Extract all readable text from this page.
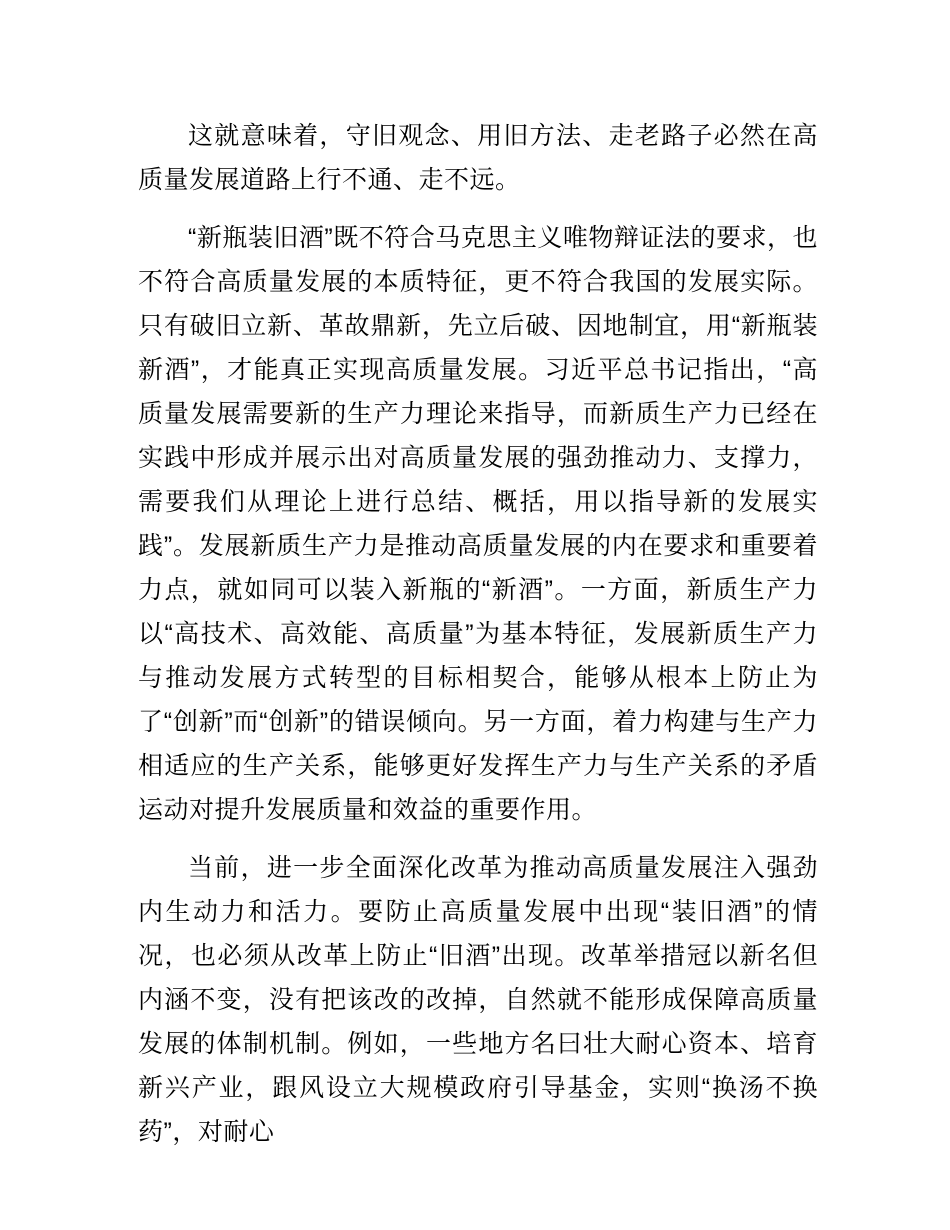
这就意味着，守旧观念、用旧方法、走老路子必然在高质量发展道路上行不通、走不远。

“新瓶装旧酒”既不符合马克思主义唯物辩证法的要求，也不符合高质量发展的本质特征，更不符合我国的发展实际。只有破旧立新、革故鼎新，先立后破、因地制宜，用“新瓶装新酒”，才能真正实现高质量发展。习近平总书记指出，“高质量发展需要新的生产力理论来指导，而新质生产力已经在实践中形成并展示出对高质量发展的强劲推动力、支撑力，需要我们从理论上进行总结、概括，用以指导新的发展实践”。发展新质生产力是推动高质量发展的内在要求和重要着力点，就如同可以装入新瓶的“新酒”。一方面，新质生产力以“高技术、高效能、高质量”为基本特征，发展新质生产力与推动发展方式转型的目标相契合，能够从根本上防止为了“创新”而“创新”的错误倾向。另一方面，着力构建与生产力相适应的生产关系，能够更好发挥生产力与生产关系的矛盾运动对提升发展质量和效益的重要作用。

当前，进一步全面深化改革为推动高质量发展注入强劲内生动力和活力。要防止高质量发展中出现“装旧酒”的情况，也必须从改革上防止“旧酒”出现。改革举措冠以新名但内涵不变，没有把该改的改掉，自然就不能形成保障高质量发展的体制机制。例如，一些地方名曰壮大耐心资本、培育新兴产业，跟风设立大规模政府引导基金，实则“换汤不换药”，对耐心
